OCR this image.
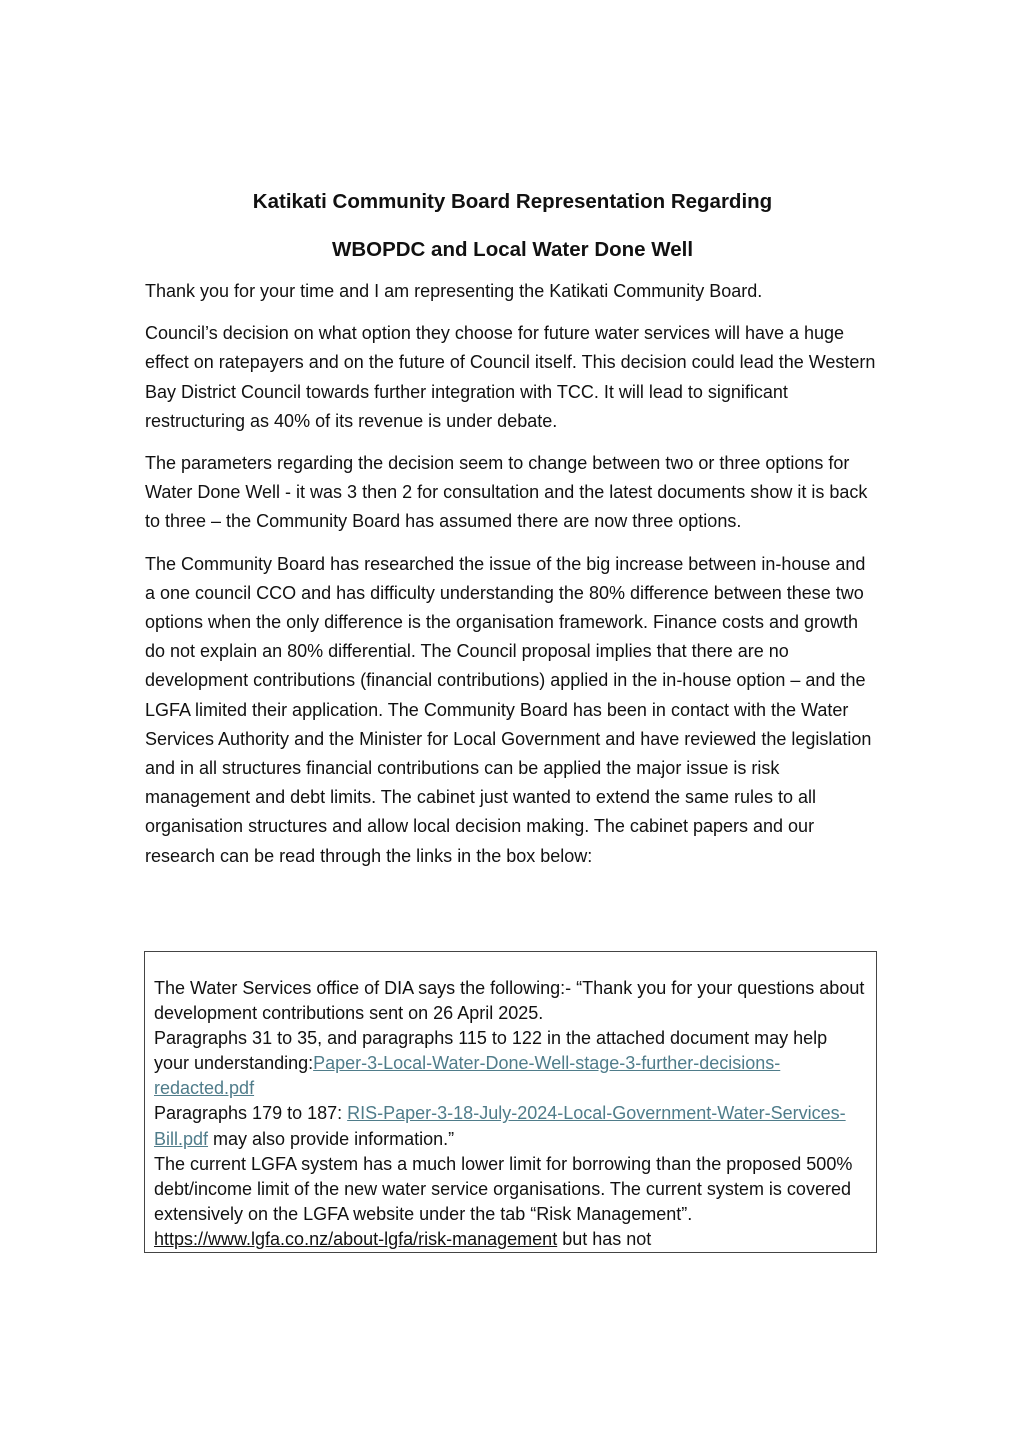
Katikati Community Board Representation Regarding
WBOPDC and Local Water Done Well

Thank you for your time and I am representing the Katikati Community Board.

Council’s decision on what option they choose for future water services will have a huge effect on ratepayers and on the future of Council itself. This decision could lead the Western Bay District Council towards further integration with TCC. It will lead to significant restructuring as 40% of its revenue is under debate.

The parameters regarding the decision seem to change between two or three options for Water Done Well - it was 3 then 2 for consultation and the latest documents show it is back to three – the Community Board has assumed there are now three options.

The Community Board has researched the issue of the big increase between in-house and a one council CCO and has difficulty understanding the 80% difference between these two options when the only difference is the organisation framework. Finance costs and growth do not explain an 80% differential. The Council proposal implies that there are no development contributions (financial contributions) applied in the in-house option – and the LGFA limited their application. The Community Board has been in contact with the Water Services Authority and the Minister for Local Government and have reviewed the legislation and in all structures financial contributions can be applied the major issue is risk management and debt limits. The cabinet just wanted to extend the same rules to all organisation structures and allow local decision making. The cabinet papers and our research can be read through the links in the box below:

The Water Services office of DIA says the following:- “Thank you for your questions about development contributions sent on 26 April 2025.
Paragraphs 31 to 35, and paragraphs 115 to 122 in the attached document may help your understanding:Paper-3-Local-Water-Done-Well-stage-3-further-decisions-redacted.pdf
Paragraphs 179 to 187: RIS-Paper-3-18-July-2024-Local-Government-Water-Services-Bill.pdf may also provide information.”
The current LGFA system has a much lower limit for borrowing than the proposed 500% debt/income limit of the new water service organisations. The current system is covered extensively on the LGFA website under the tab “Risk Management”. https://www.lgfa.co.nz/about-lgfa/risk-management but has not
